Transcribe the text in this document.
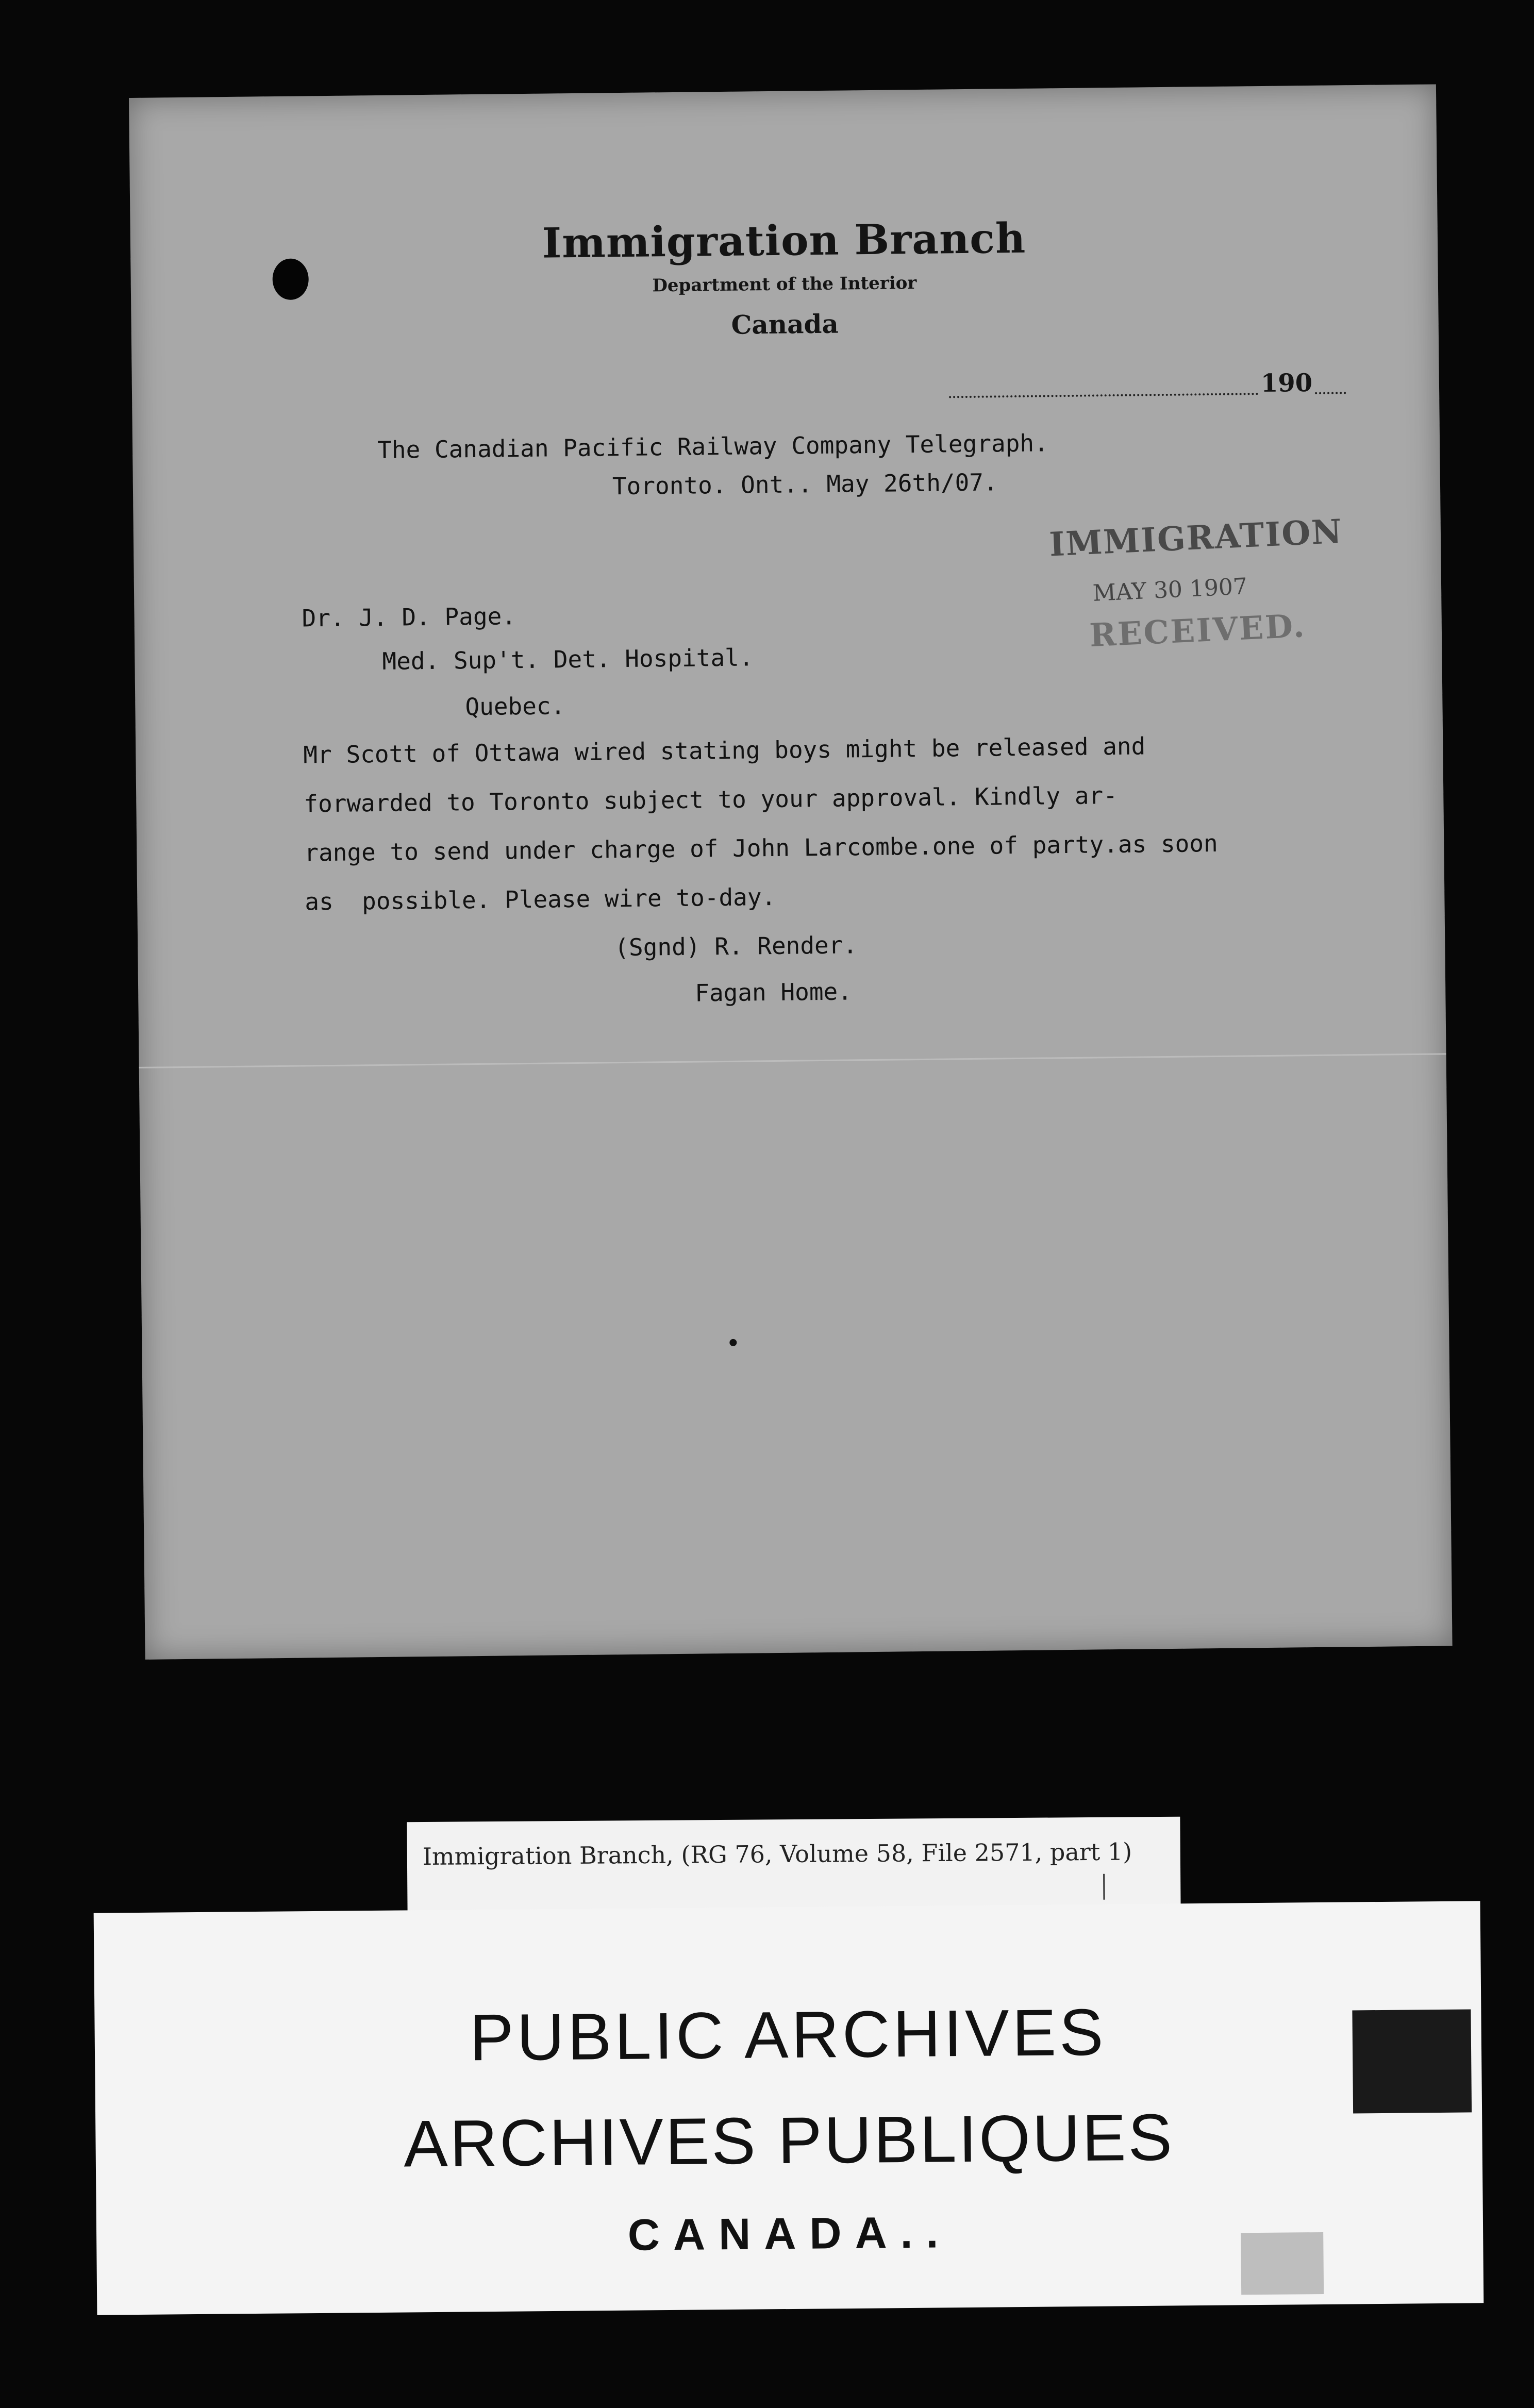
Immigration Branch

Department of the Interior

Canada

190
The Canadian Pacific Railway Company Telegraph.
Toronto. Ont.. May 26th/07.
Dr. J. D. Page.
Med. Sup't. Det. Hospital.
Quebec.
Mr Scott of Ottawa wired stating boys might be released and
forwarded to Toronto subject to your approval. Kindly ar-
range to send under charge of John Larcombe.one of party.as soon
as  possible. Please wire to-day.
(Sgnd) R. Render.
Fagan Home.
IMMIGRATION
MAY 30 1907
RECEIVED.
Immigration Branch, (RG 76, Volume 58, File 2571, part 1)
PUBLIC ARCHIVES
ARCHIVES PUBLIQUES
CANADA..
